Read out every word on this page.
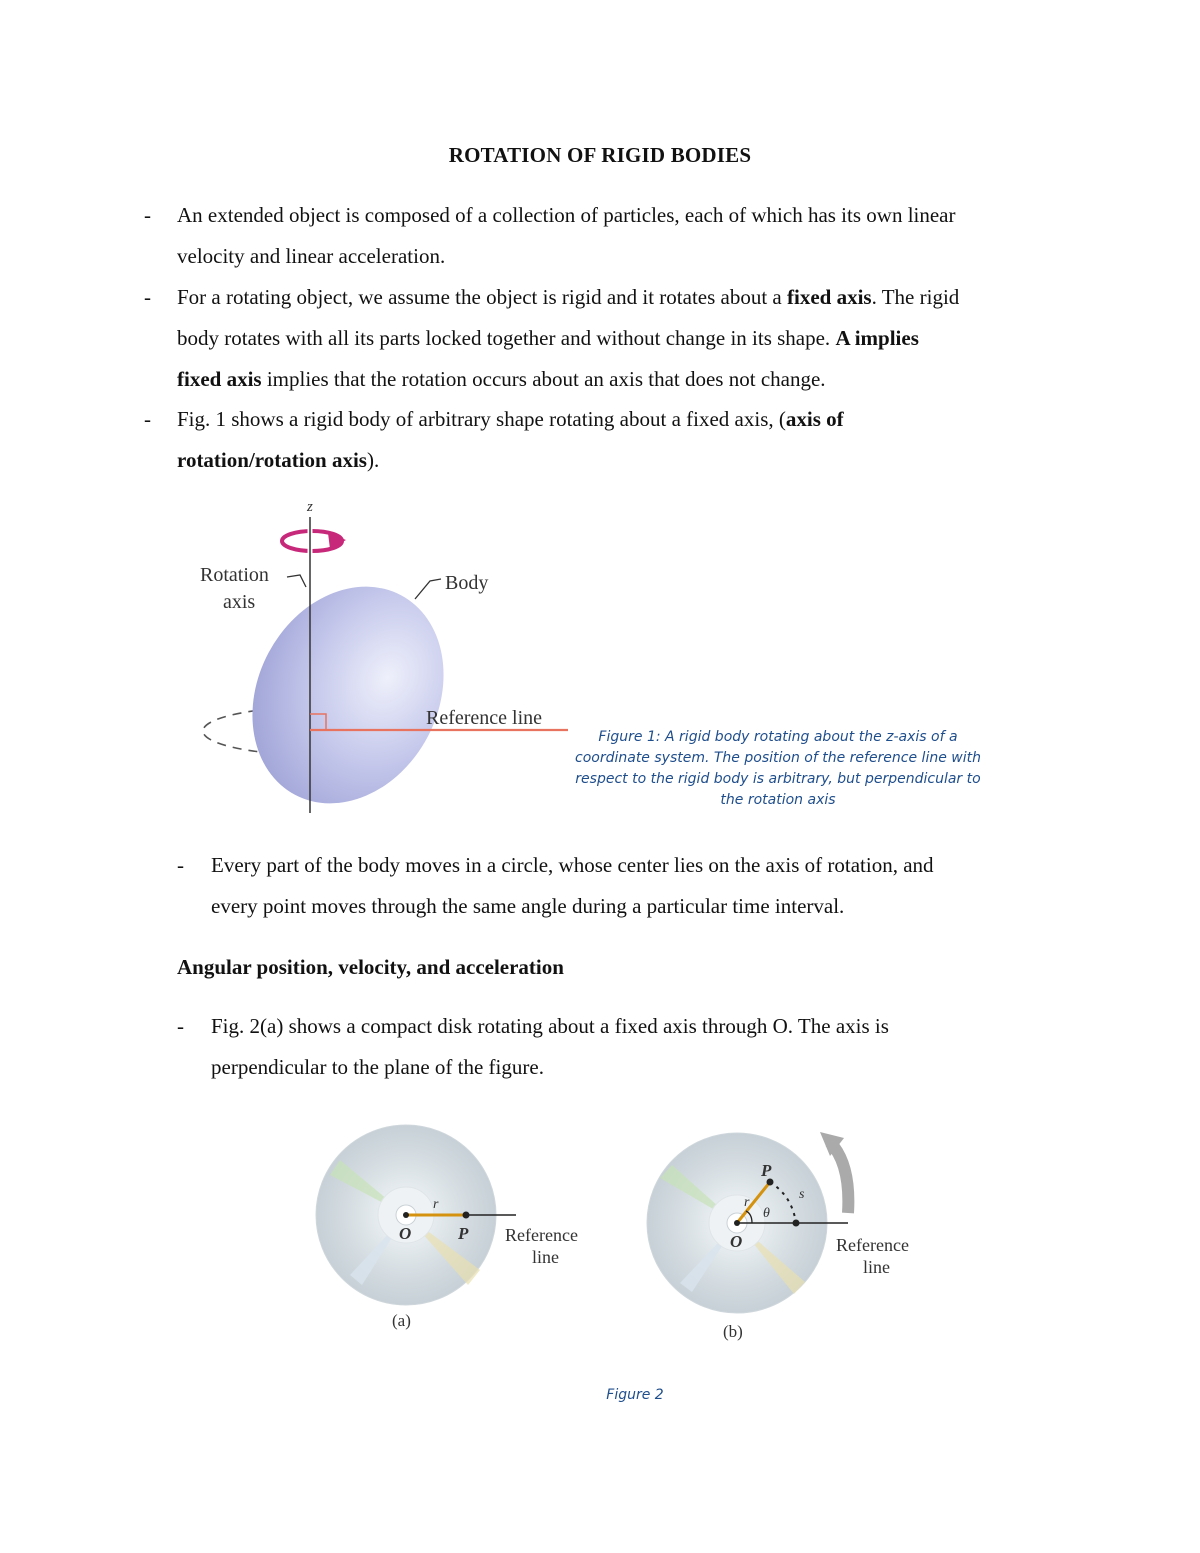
ROTATION OF RIGID BODIES
- An extended object is composed of a collection of particles, each of which has its own linear
velocity and linear acceleration.
- For a rotating object, we assume the object is rigid and it rotates about a fixed axis. The rigid
body rotates with all its parts locked together and without change in its shape. A implies
fixed axis implies that the rotation occurs about an axis that does not change.
- Fig. 1 shows a rigid body of arbitrary shape rotating about a fixed axis, (axis of
rotation/rotation axis).
z
Rotation
axis
Body
Reference line
Figure 1: A rigid body rotating about the z-axis of a
coordinate system. The position of the reference line with
respect to the rigid body is arbitrary, but perpendicular to
the rotation axis
- Every part of the body moves in a circle, whose center lies on the axis of rotation, and
every point moves through the same angle during a particular time interval.
Angular position, velocity, and acceleration
- Fig. 2(a) shows a compact disk rotating about a fixed axis through O. The axis is
perpendicular to the plane of the figure.
r
O	P Reference
line
(a)
P
r
s
θ
O	Reference
line
(b)
Figure 2
